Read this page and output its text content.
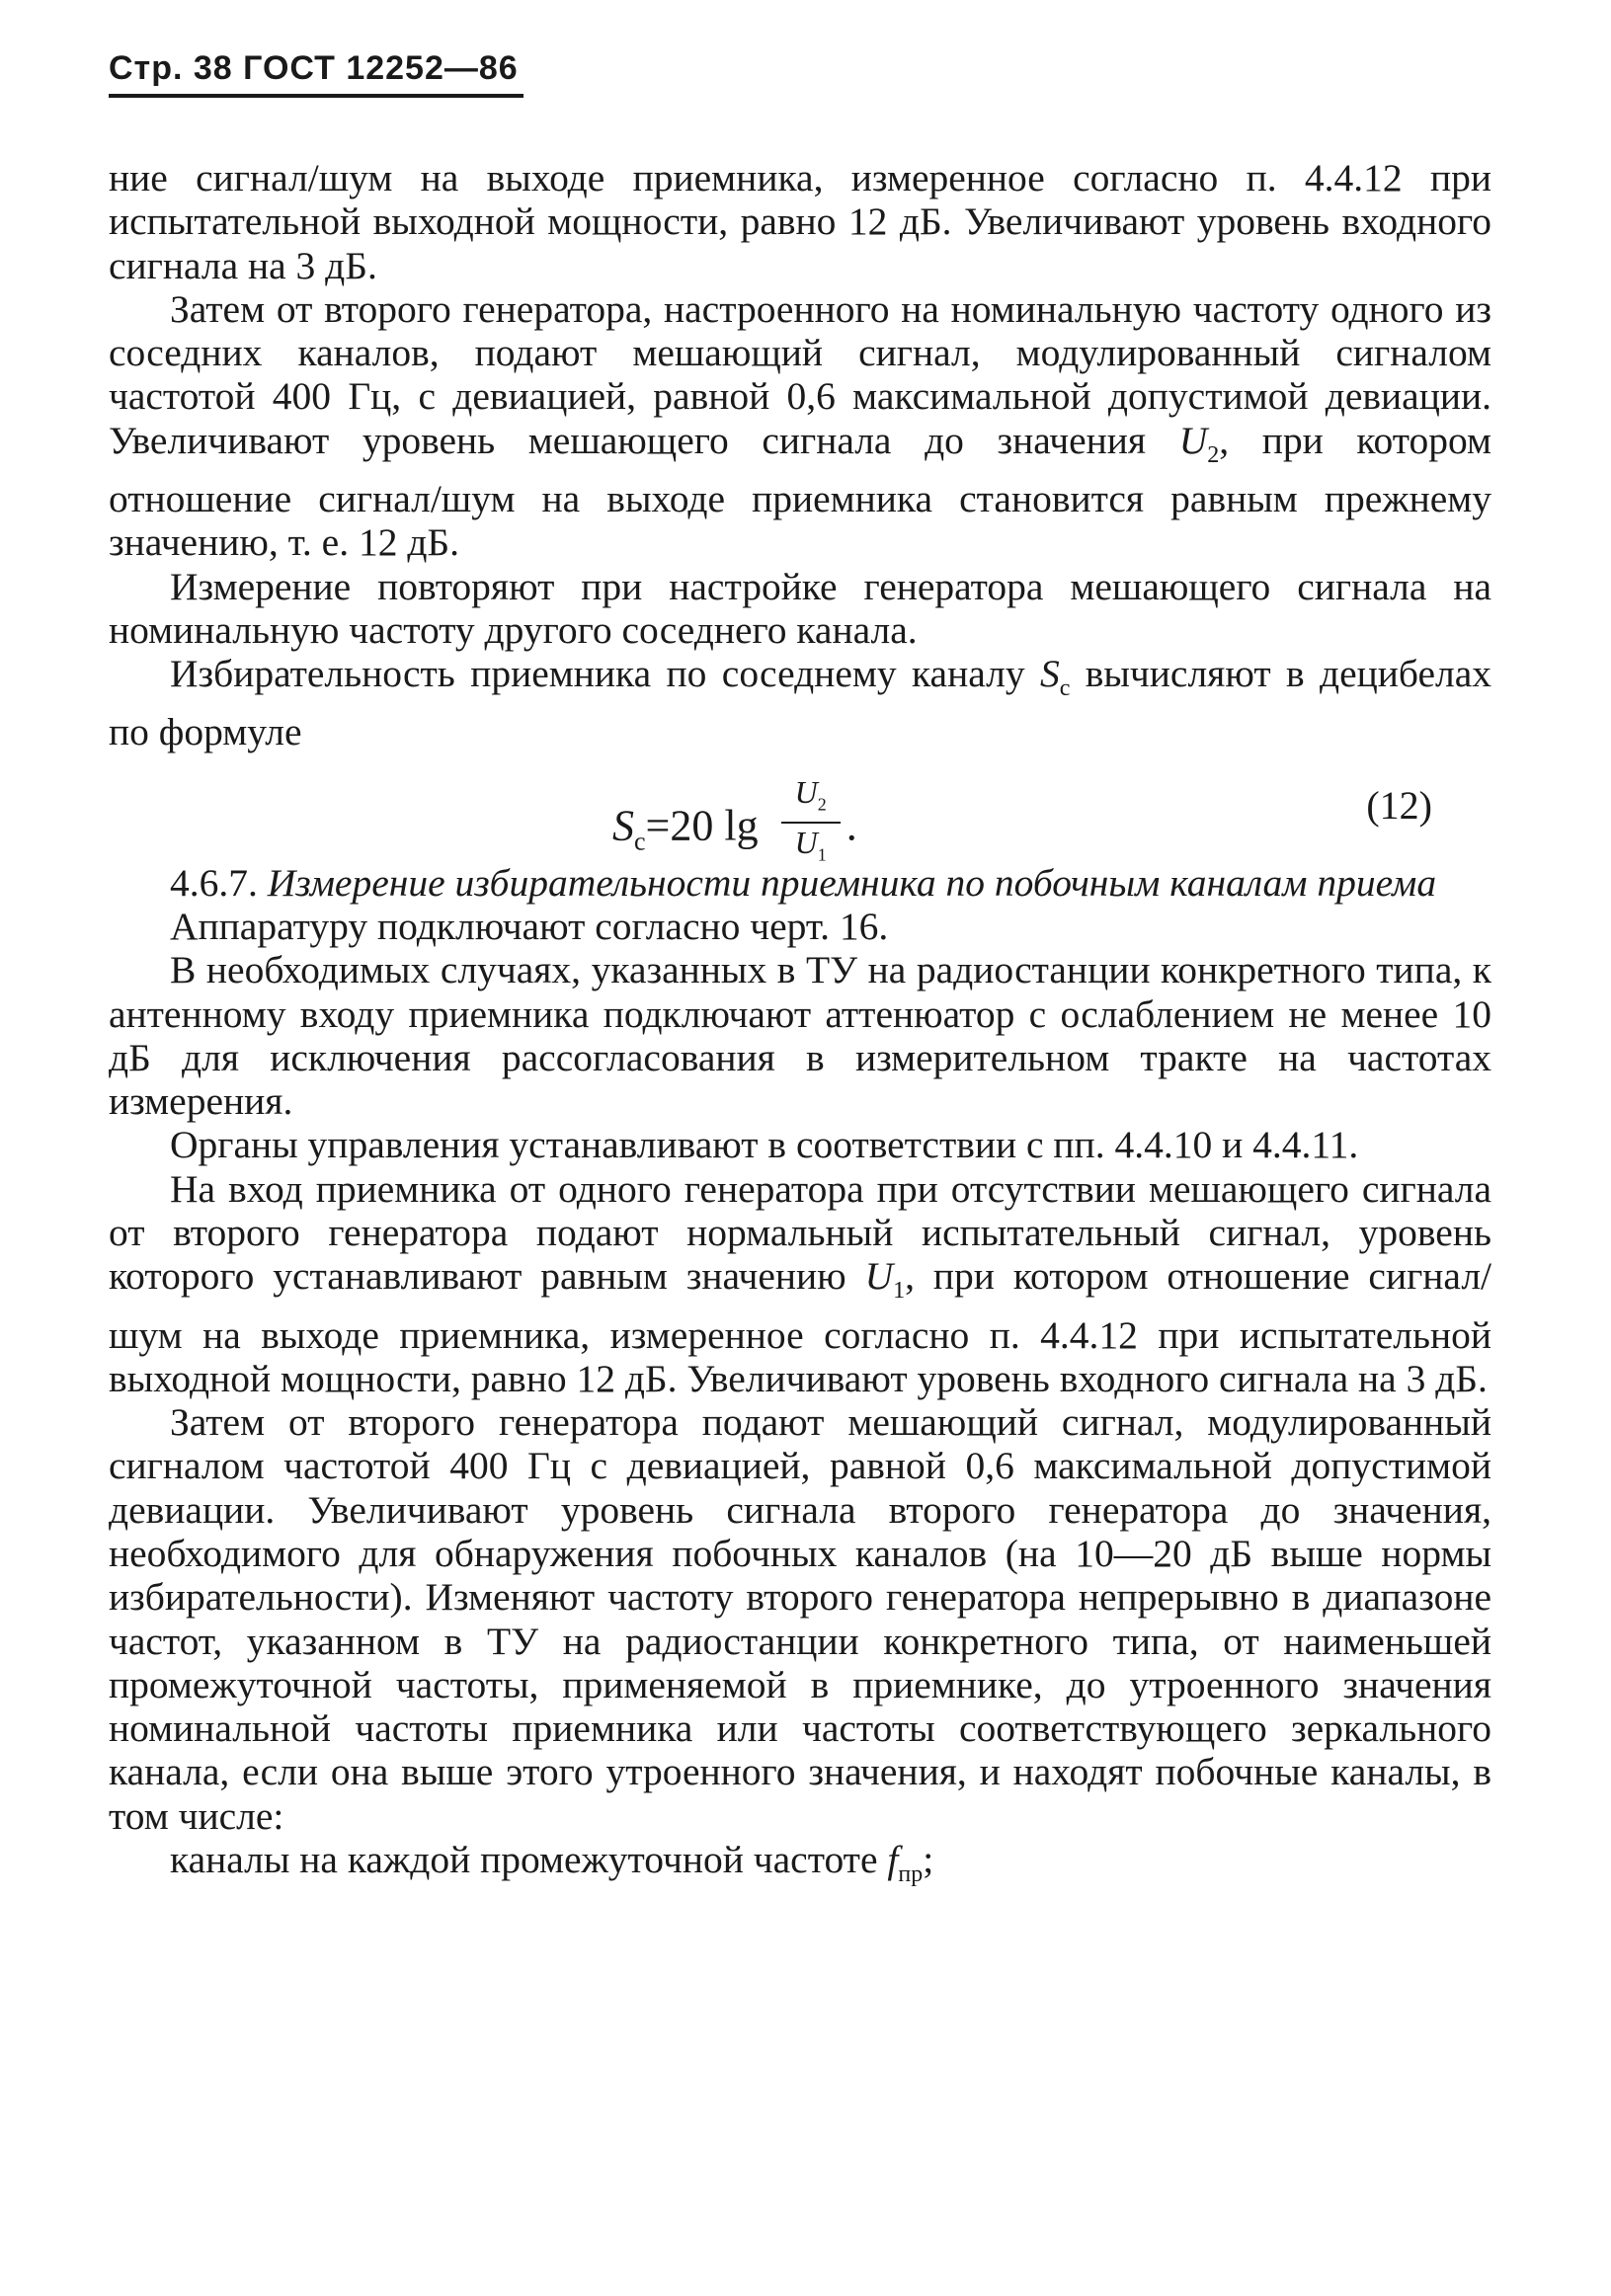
Стр. 38 ГОСТ 12252—86

ние сигнал/шум на выходе приемника, измеренное согласно п. 4.4.12 при испытательной выходной мощности, равно 12 дБ. Увеличивают уровень входного сигнала на 3 дБ.

Затем от второго генератора, настроенного на номинальную частоту одного из соседних каналов, подают мешающий сигнал, модулированный сигналом частотой 400 Гц, с девиацией, равной 0,6 максимальной допустимой девиации. Увеличивают уровень мешающего сигнала до значения $U_2$, при котором отношение сигнал/шум на выходе приемника становится равным прежнему значению, т. е. 12 дБ.

Измерение повторяют при настройке генератора мешающего сигнала на номинальную частоту другого соседнего канала.

Избирательность приемника по соседнему каналу $S_c$ вычисляют в децибелах по формуле

$S_c=20$ $\lg \frac{U_2}{U_1}$ .	(12)

4.6.7. Измерение избирательности приемника по побочным каналам приема

Аппаратуру подключают согласно черт. 16.

В необходимых случаях, указанных в ТУ на радиостанции конкретного типа, к антенному входу приемника подключают аттенюатор с ослаблением не менее 10 дБ для исключения рассогласования в измерительном тракте на частотах измерения.

Органы управления устанавливают в соответствии с пп. 4.4.10 и 4.4.11.

На вход приемника от одного генератора при отсутствии мешающего сигнала от второго генератора подают нормальный испытательный сигнал, уровень которого устанавливают равным значению $U_1$, при котором отношение сигнал/шум на выходе приемника, измеренное согласно п. 4.4.12 при испытательной выходной мощности, равно 12 дБ. Увеличивают уровень входного сигнала на 3 дБ.

Затем от второго генератора подают мешающий сигнал, модулированный сигналом частотой 400 Гц с девиацией, равной 0,6 максимальной допустимой девиации. Увеличивают уровень сигнала второго генератора до значения, необходимого для обнаружения побочных каналов (на 10—20 дБ выше нормы избирательности). Изменяют частоту второго генератора непрерывно в диапазоне частот, указанном в ТУ на радиостанции конкретного типа, от наименьшей промежуточной частоты, применяемой в приемнике, до утроенного значения номинальной частоты приемника или частоты соответствующего зеркального канала, если она выше этого утроенного значения, и находят побочные каналы, в том числе:

каналы на каждой промежуточной частоте $f_{пр}$;
